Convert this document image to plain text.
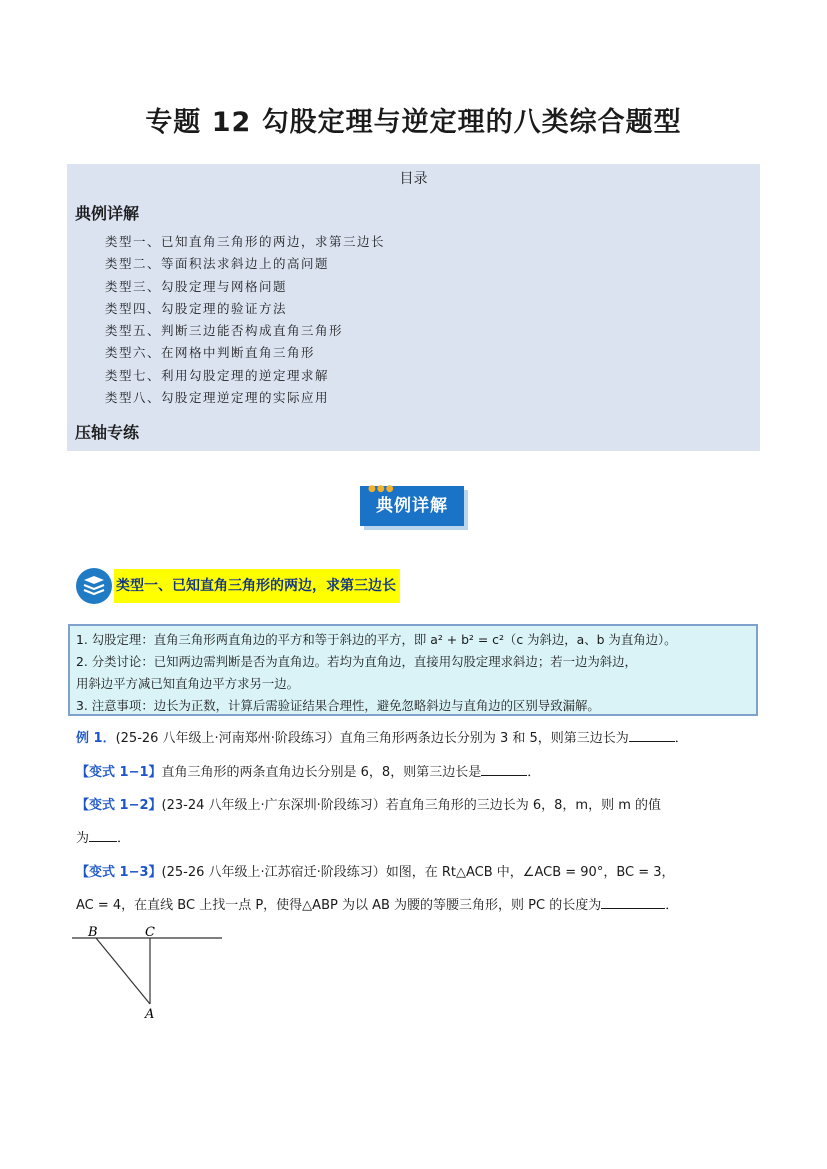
专题 12 勾股定理与逆定理的八类综合题型
目录
典例详解
类型一、已知直角三角形的两边，求第三边长
类型二、等面积法求斜边上的高问题
类型三、勾股定理与网格问题
类型四、勾股定理的验证方法
类型五、判断三边能否构成直角三角形
类型六、在网格中判断直角三角形
类型七、利用勾股定理的逆定理求解
类型八、勾股定理逆定理的实际应用
压轴专练
典例详解
●●●
类型一、已知直角三角形的两边，求第三边长

1. 勾股定理：直角三角形两直角边的平方和等于斜边的平方，即 a² + b² = c²（c 为斜边，a、b 为直角边）。

2. 分类讨论：已知两边需判断是否为直角边。若均为直角边，直接用勾股定理求斜边；若一边为斜边，

用斜边平方减已知直角边平方求另一边。

3. 注意事项：边长为正数，计算后需验证结果合理性，避免忽略斜边与直角边的区别导致漏解。

例 1．(25-26 八年级上·河南郑州·阶段练习）直角三角形两条边长分别为 3 和 5，则第三边长为	．
【变式 1−1】直角三角形的两条直角边长分别是 6，8，则第三边长是	．
【变式 1−2】(23-24 八年级上·广东深圳·阶段练习）若直角三角形的三边长为 6，8，m，则 m 的值
为 ．
【变式 1−3】(25-26 八年级上·江苏宿迁·阶段练习）如图，在 Rt△ACB 中，∠ACB = 90°，BC = 3，
AC = 4，在直线 BC 上找一点 P，使得△ABP 为以 AB 为腰的等腰三角形，则 PC 的长度为	．
B	C
A
